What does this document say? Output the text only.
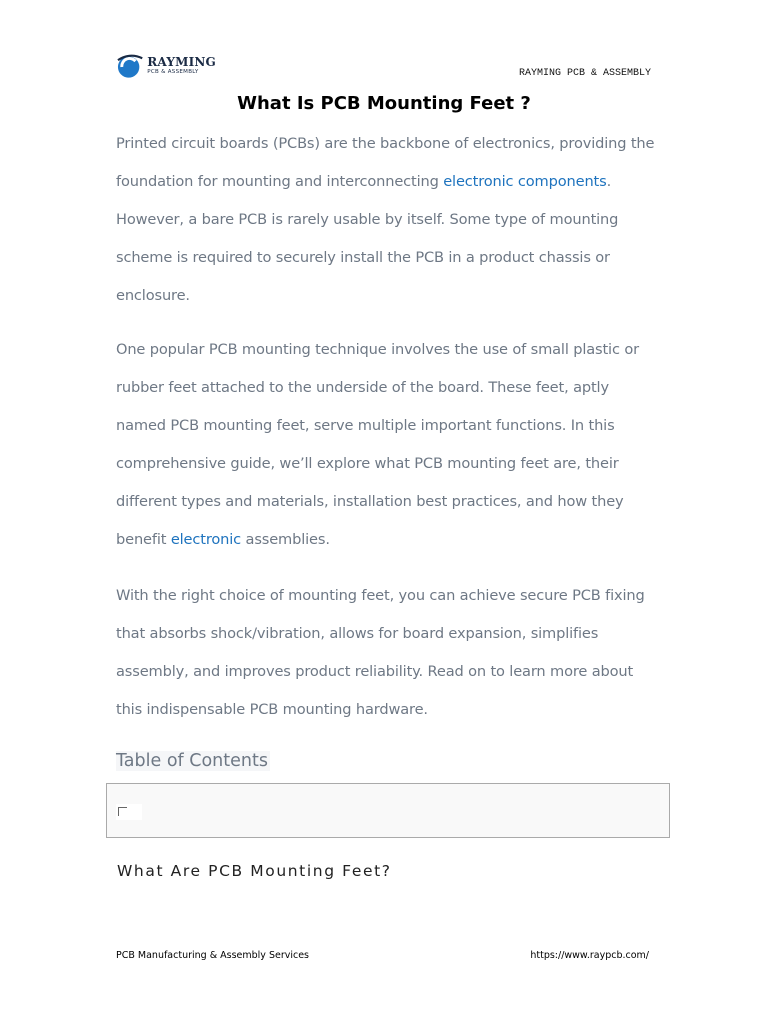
RAYMING
PCB & ASSEMBLY	RAYMING PCB & ASSEMBLY
What Is PCB Mounting Feet ?

Printed circuit boards (PCBs) are the backbone of electronics, providing the foundation for mounting and interconnecting electronic components. However, a bare PCB is rarely usable by itself. Some type of mounting scheme is required to securely install the PCB in a product chassis or enclosure.

One popular PCB mounting technique involves the use of small plastic or rubber feet attached to the underside of the board. These feet, aptly named PCB mounting feet, serve multiple important functions. In this comprehensive guide, we’ll explore what PCB mounting feet are, their different types and materials, installation best practices, and how they benefit electronic assemblies.

With the right choice of mounting feet, you can achieve secure PCB fixing that absorbs shock/vibration, allows for board expansion, simplifies assembly, and improves product reliability. Read on to learn more about this indispensable PCB mounting hardware.

Table of Contents
What Are PCB Mounting Feet?
PCB Manufacturing & Assembly Services	https://www.raypcb.com/
